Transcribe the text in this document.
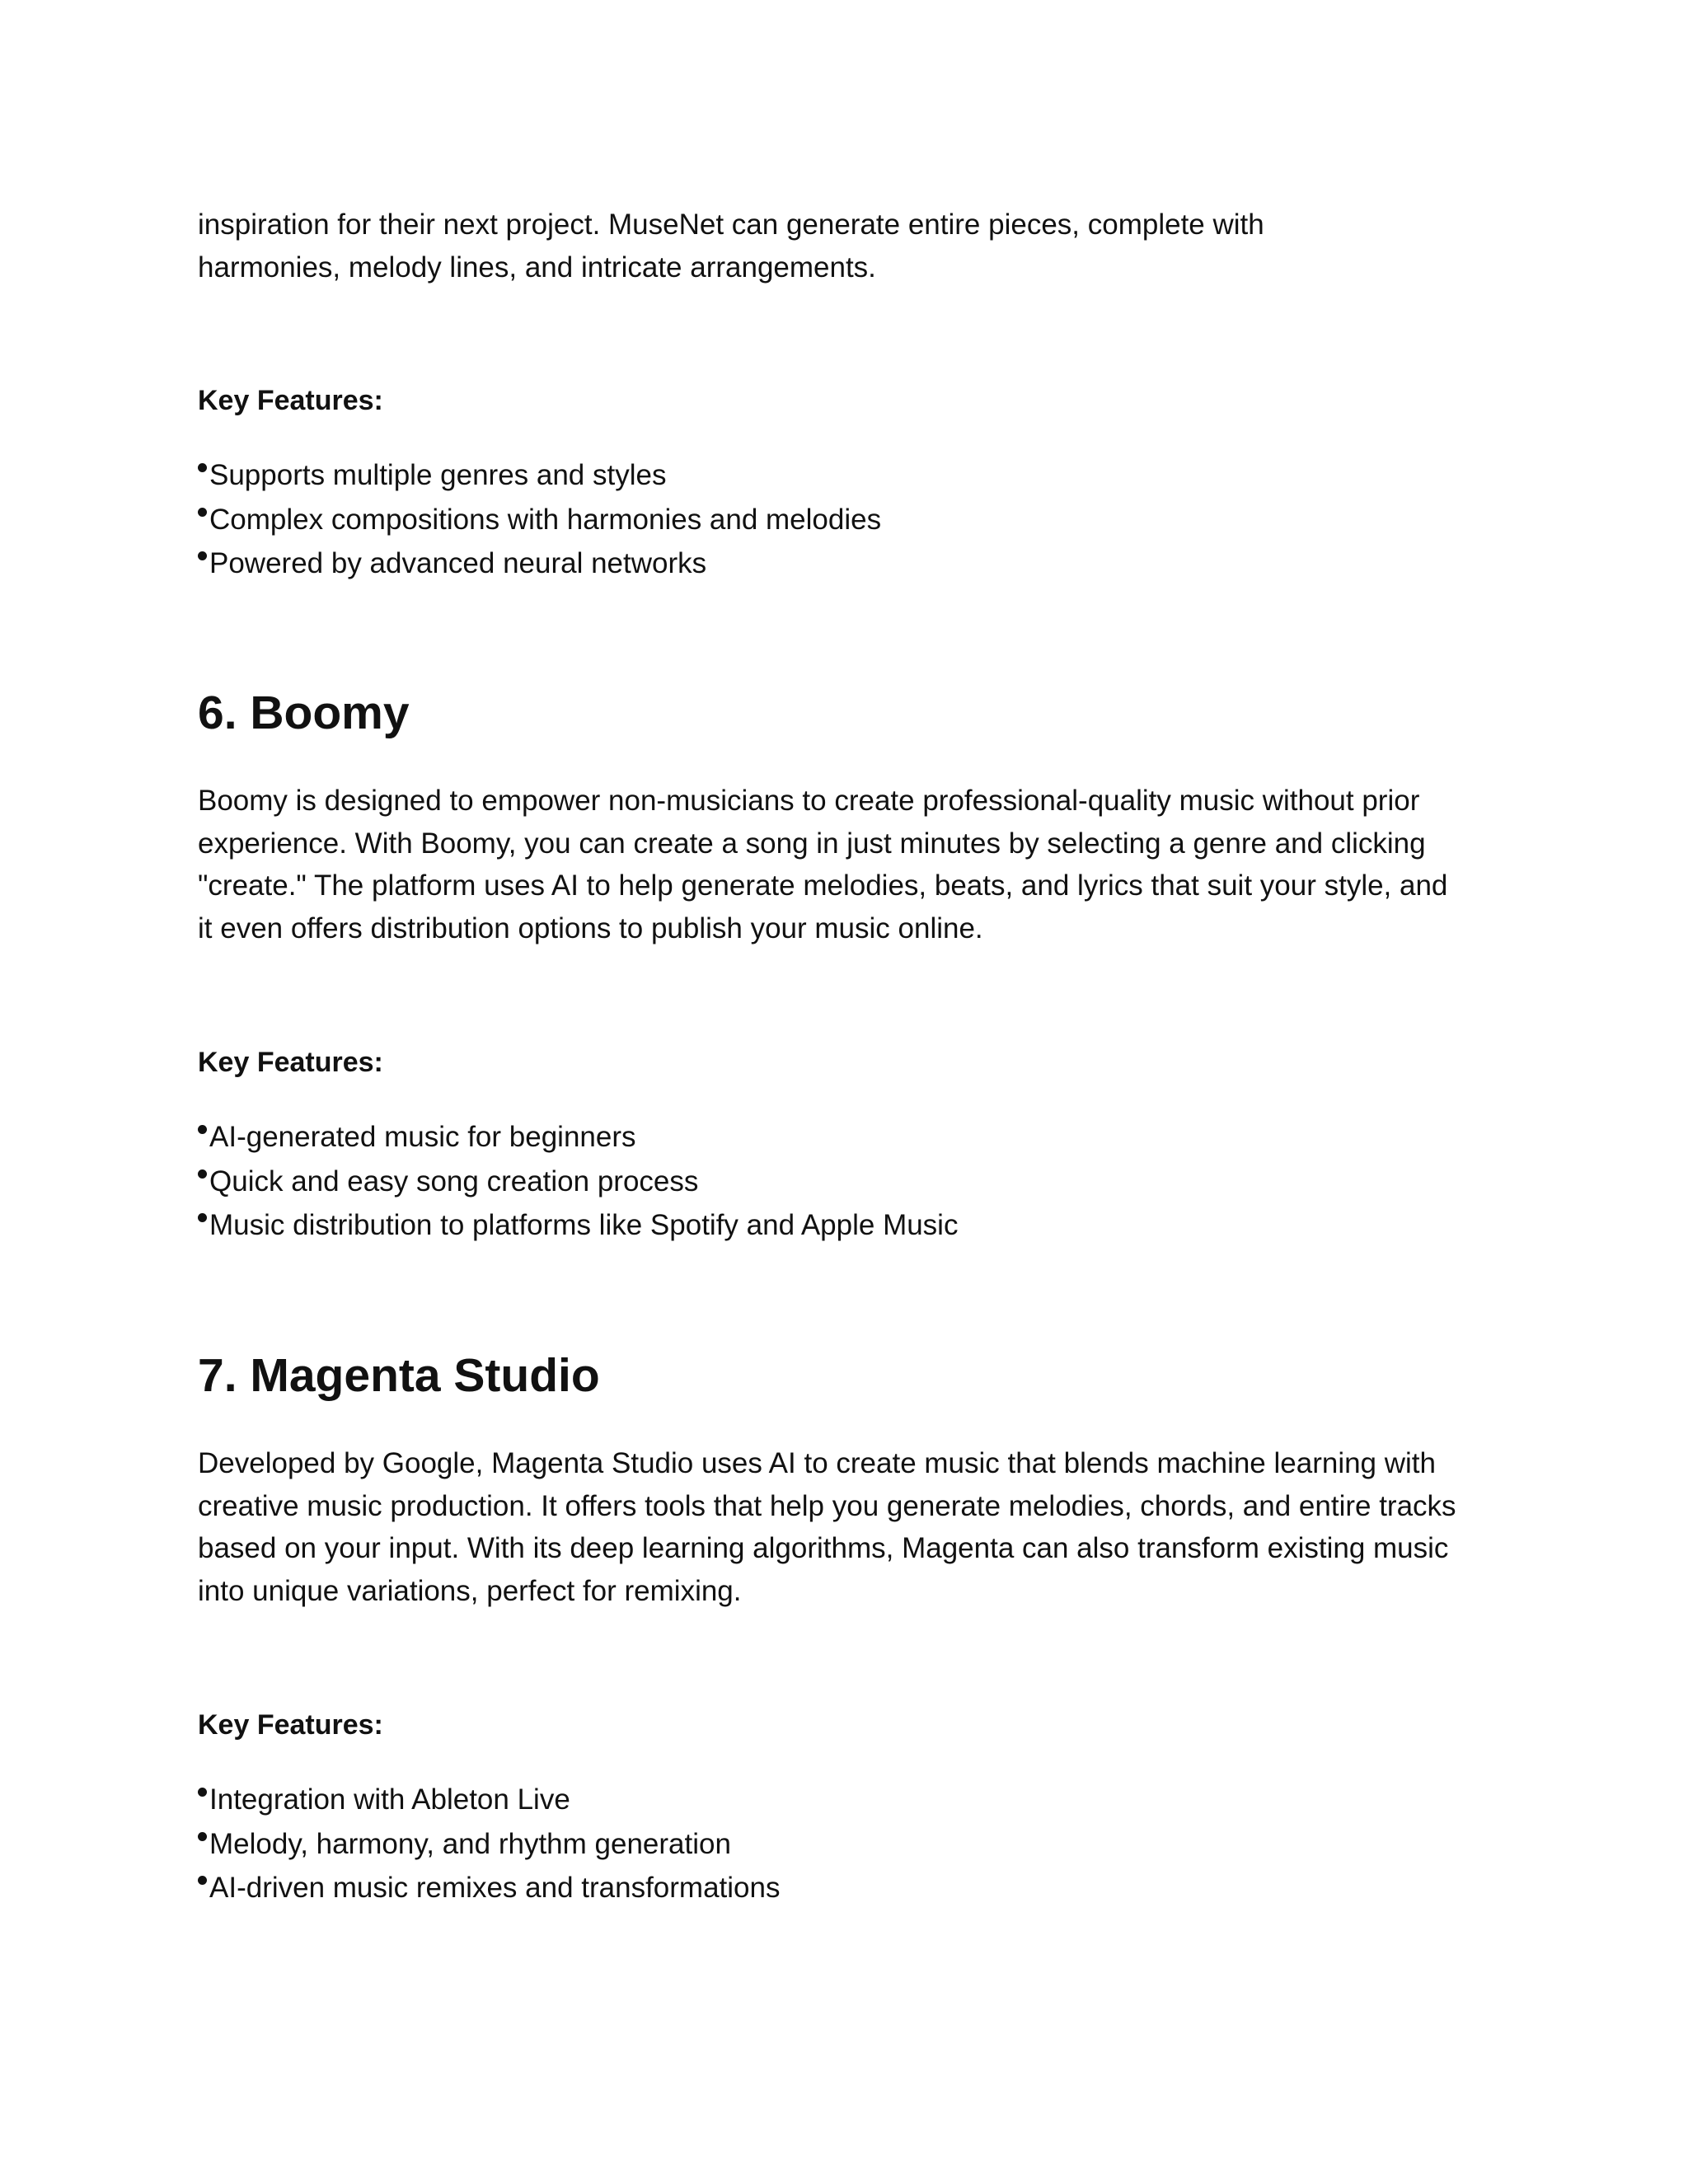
inspiration for their next project. MuseNet can generate entire pieces, complete with
harmonies, melody lines, and intricate arrangements.

Key Features:

Supports multiple genres and styles
Complex compositions with harmonies and melodies
Powered by advanced neural networks
6. Boomy

Boomy is designed to empower non-musicians to create professional-quality music without prior
experience. With Boomy, you can create a song in just minutes by selecting a genre and clicking
"create." The platform uses AI to help generate melodies, beats, and lyrics that suit your style, and
it even offers distribution options to publish your music online.

Key Features:

AI-generated music for beginners
Quick and easy song creation process
Music distribution to platforms like Spotify and Apple Music
7. Magenta Studio

Developed by Google, Magenta Studio uses AI to create music that blends machine learning with
creative music production. It offers tools that help you generate melodies, chords, and entire tracks
based on your input. With its deep learning algorithms, Magenta can also transform existing music
into unique variations, perfect for remixing.

Key Features:

Integration with Ableton Live
Melody, harmony, and rhythm generation
AI-driven music remixes and transformations
